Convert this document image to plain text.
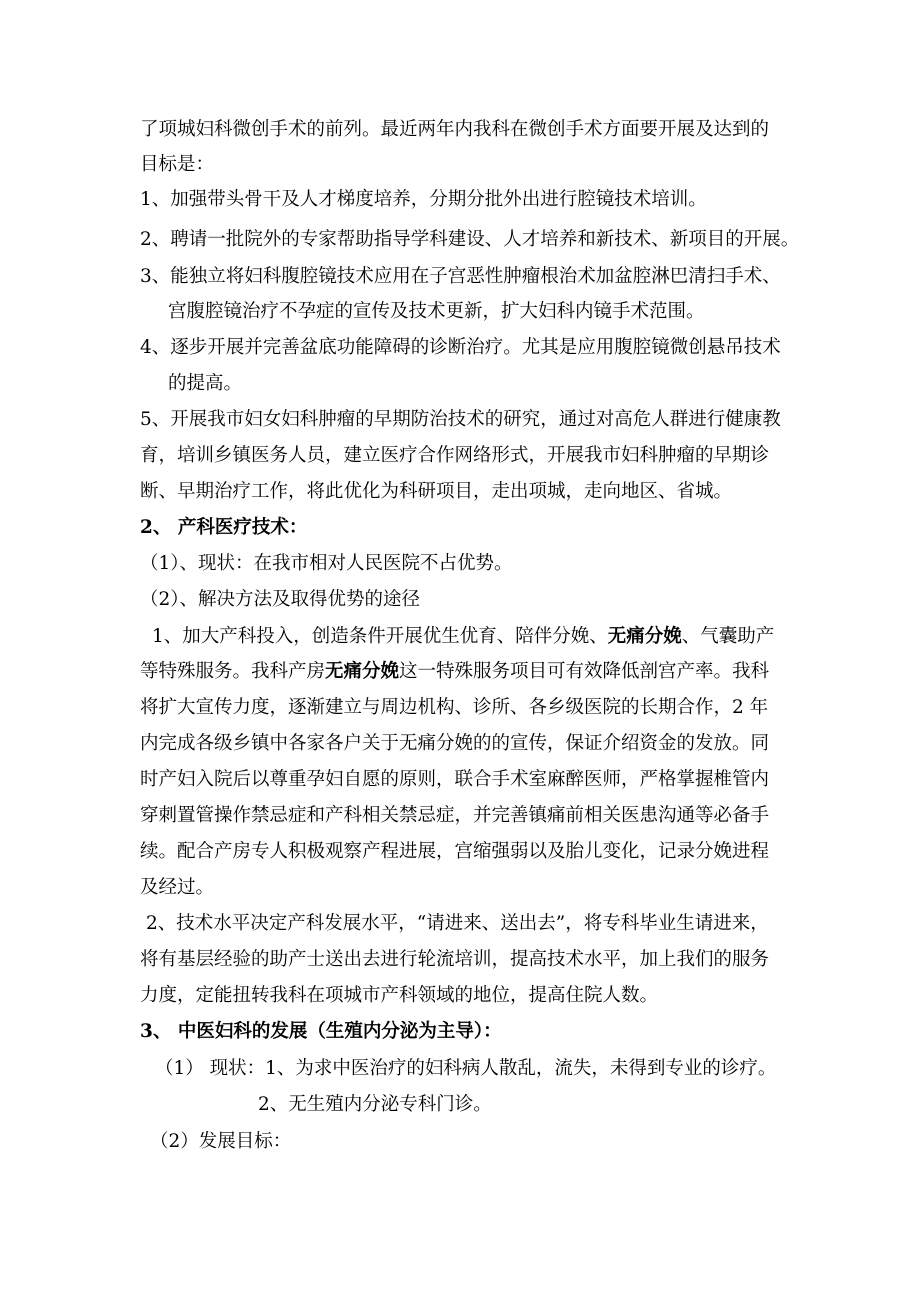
了项城妇科微创手术的前列。最近两年内我科在微创手术方面要开展及达到的
目标是：
1、加强带头骨干及人才梯度培养，分期分批外出进行腔镜技术培训。
2、聘请一批院外的专家帮助指导学科建设、人才培养和新技术、新项目的开展。
3、能独立将妇科腹腔镜技术应用在子宫恶性肿瘤根治术加盆腔淋巴清扫手术、
宫腹腔镜治疗不孕症的宣传及技术更新，扩大妇科内镜手术范围。
4、逐步开展并完善盆底功能障碍的诊断治疗。尤其是应用腹腔镜微创悬吊技术
的提高。
5、开展我市妇女妇科肿瘤的早期防治技术的研究，通过对高危人群进行健康教
育，培训乡镇医务人员，建立医疗合作网络形式，开展我市妇科肿瘤的早期诊
断、早期治疗工作，将此优化为科研项目，走出项城，走向地区、省城。
2、 产科医疗技术：
（1）、现状：在我市相对人民医院不占优势。
（2）、解决方法及取得优势的途径
1、加大产科投入，创造条件开展优生优育、陪伴分娩、无痛分娩、气囊助产
等特殊服务。我科产房无痛分娩这一特殊服务项目可有效降低剖宫产率。我科
将扩大宣传力度，逐渐建立与周边机构、诊所、各乡级医院的长期合作，2 年
内完成各级乡镇中各家各户关于无痛分娩的的宣传，保证介绍资金的发放。同
时产妇入院后以尊重孕妇自愿的原则，联合手术室麻醉医师，严格掌握椎管内
穿刺置管操作禁忌症和产科相关禁忌症，并完善镇痛前相关医患沟通等必备手
续。配合产房专人积极观察产程进展，宫缩强弱以及胎儿变化，记录分娩进程
及经过。
2、技术水平决定产科发展水平，“请进来、送出去”，将专科毕业生请进来，
将有基层经验的助产士送出去进行轮流培训，提高技术水平，加上我们的服务
力度，定能扭转我科在项城市产科领域的地位，提高住院人数。
3、 中医妇科的发展（生殖内分泌为主导）：
（1） 现状：1、为求中医治疗的妇科病人散乱，流失，未得到专业的诊疗。
2、无生殖内分泌专科门诊。
（2）发展目标：
